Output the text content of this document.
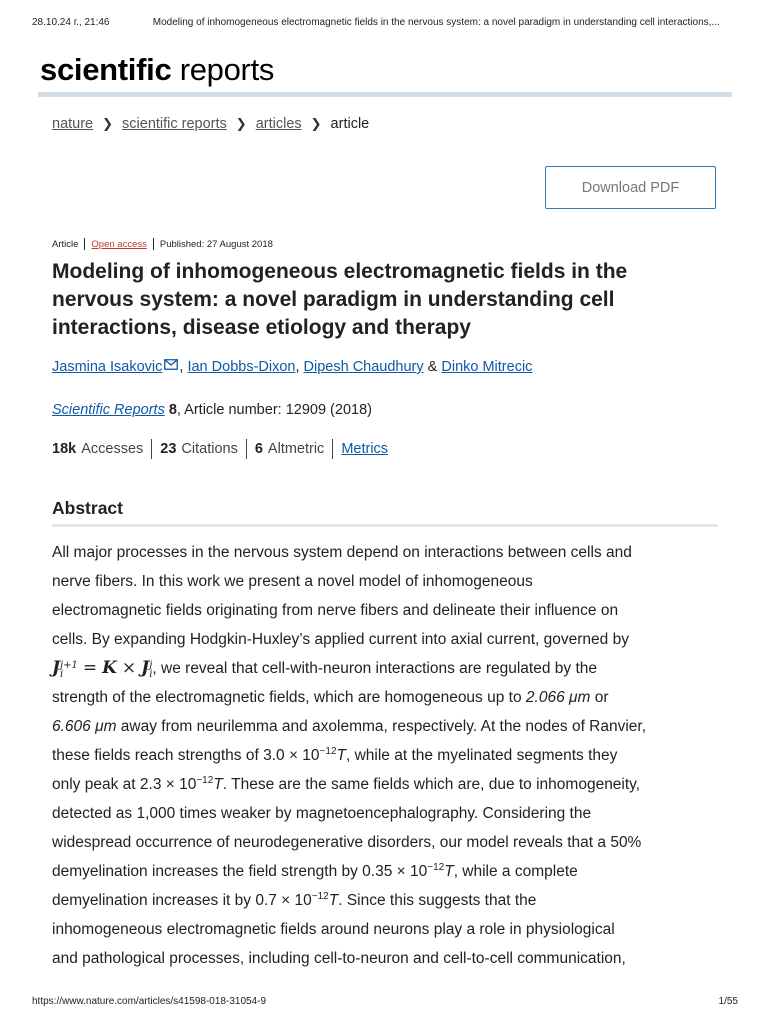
28.10.24 г., 21:46	Modeling of inhomogeneous electromagnetic fields in the nervous system: a novel paradigm in understanding cell interactions,...
scientific reports
nature ❯ scientific reports ❯ articles ❯ article
Download PDF
Article Open access Published: 27 August 2018
Modeling of inhomogeneous electromagnetic fields in the
nervous system: a novel paradigm in understanding cell
interactions, disease etiology and therapy
Jasmina Isakovic , Ian Dobbs-Dixon, Dipesh Chaudhury & Dinko Mitrecic
Scientific Reports 8, Article number: 12909 (2018)
18k Accesses 23 Citations 6 Altmetric Metrics
Abstract
All major processes in the nervous system depend on interactions between cells and
nerve fibers. In this work we present a novel model of inhomogeneous
electromagnetic fields originating from nerve fibers and delineate their influence on
cells. By expanding Hodgkin-Huxley’s applied current into axial current, governed by
Jj+1
i = K × Jj
i, we reveal that cell-with-neuron interactions are regulated by the
strength of the electromagnetic fields, which are homogeneous up to 2.066 μm or
6.606 μm away from neurilemma and axolemma, respectively. At the nodes of Ranvier,
these fields reach strengths of $3.0 \times 10^{-12}T$, while at the myelinated segments they
only peak at $2.3 \times 10^{-12}T$. These are the same fields which are, due to inhomogeneity,
detected as 1,000 times weaker by magnetoencephalography. Considering the
widespread occurrence of neurodegenerative disorders, our model reveals that a 50%
demyelination increases the field strength by $0.35 \times 10^{-12}T$, while a complete
demyelination increases it by $0.7 \times 10^{-12}T$. Since this suggests that the
inhomogeneous electromagnetic fields around neurons play a role in physiological
and pathological processes, including cell-to-neuron and cell-to-cell communication,
https://www.nature.com/articles/s41598-018-31054-9	1/55
